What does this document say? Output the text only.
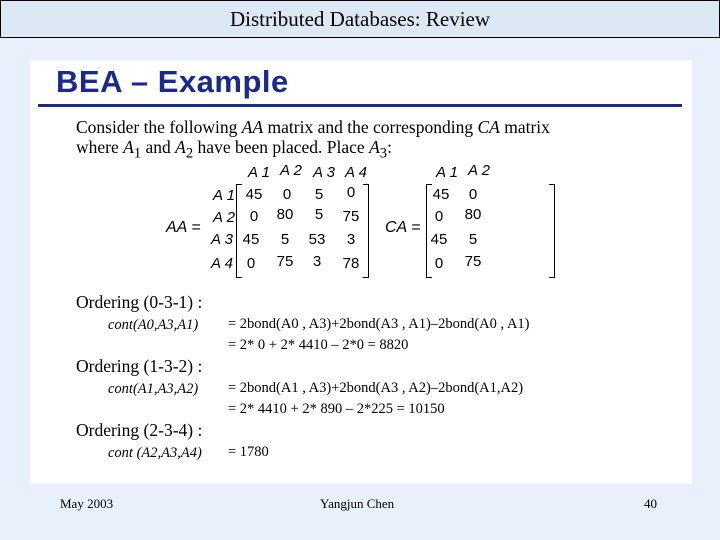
Distributed Databases: Review
BEA – Example
Consider the following AA matrix and the corresponding CA matrix
where $A_1$ and $A_2$ have been placed. Place $A_3$:
AA =
A 1 A 2 A 3 A 4
A 1
A 2
A 3
A 4
45	0	5	0
0	80	5	75
45	5	53	3
0	75	3	78
CA =
A 1 A 2
45	0
0	80
45	5
0	75
Ordering (0-3-1) :
cont(A0,A3,A1) = 2bond(A0 , A3)+2bond(A3 , A1)–2bond(A0 , A1)
= 2* 0 + 2* 4410 – 2*0 = 8820
Ordering (1-3-2) :
cont(A1,A3,A2) = 2bond(A1 , A3)+2bond(A3 , A2)–2bond(A1,A2)
= 2* 4410 + 2* 890 – 2*225 = 10150
Ordering (2-3-4) :
cont (A2,A3,A4) = 1780
May 2003	Yangjun Chen	40
